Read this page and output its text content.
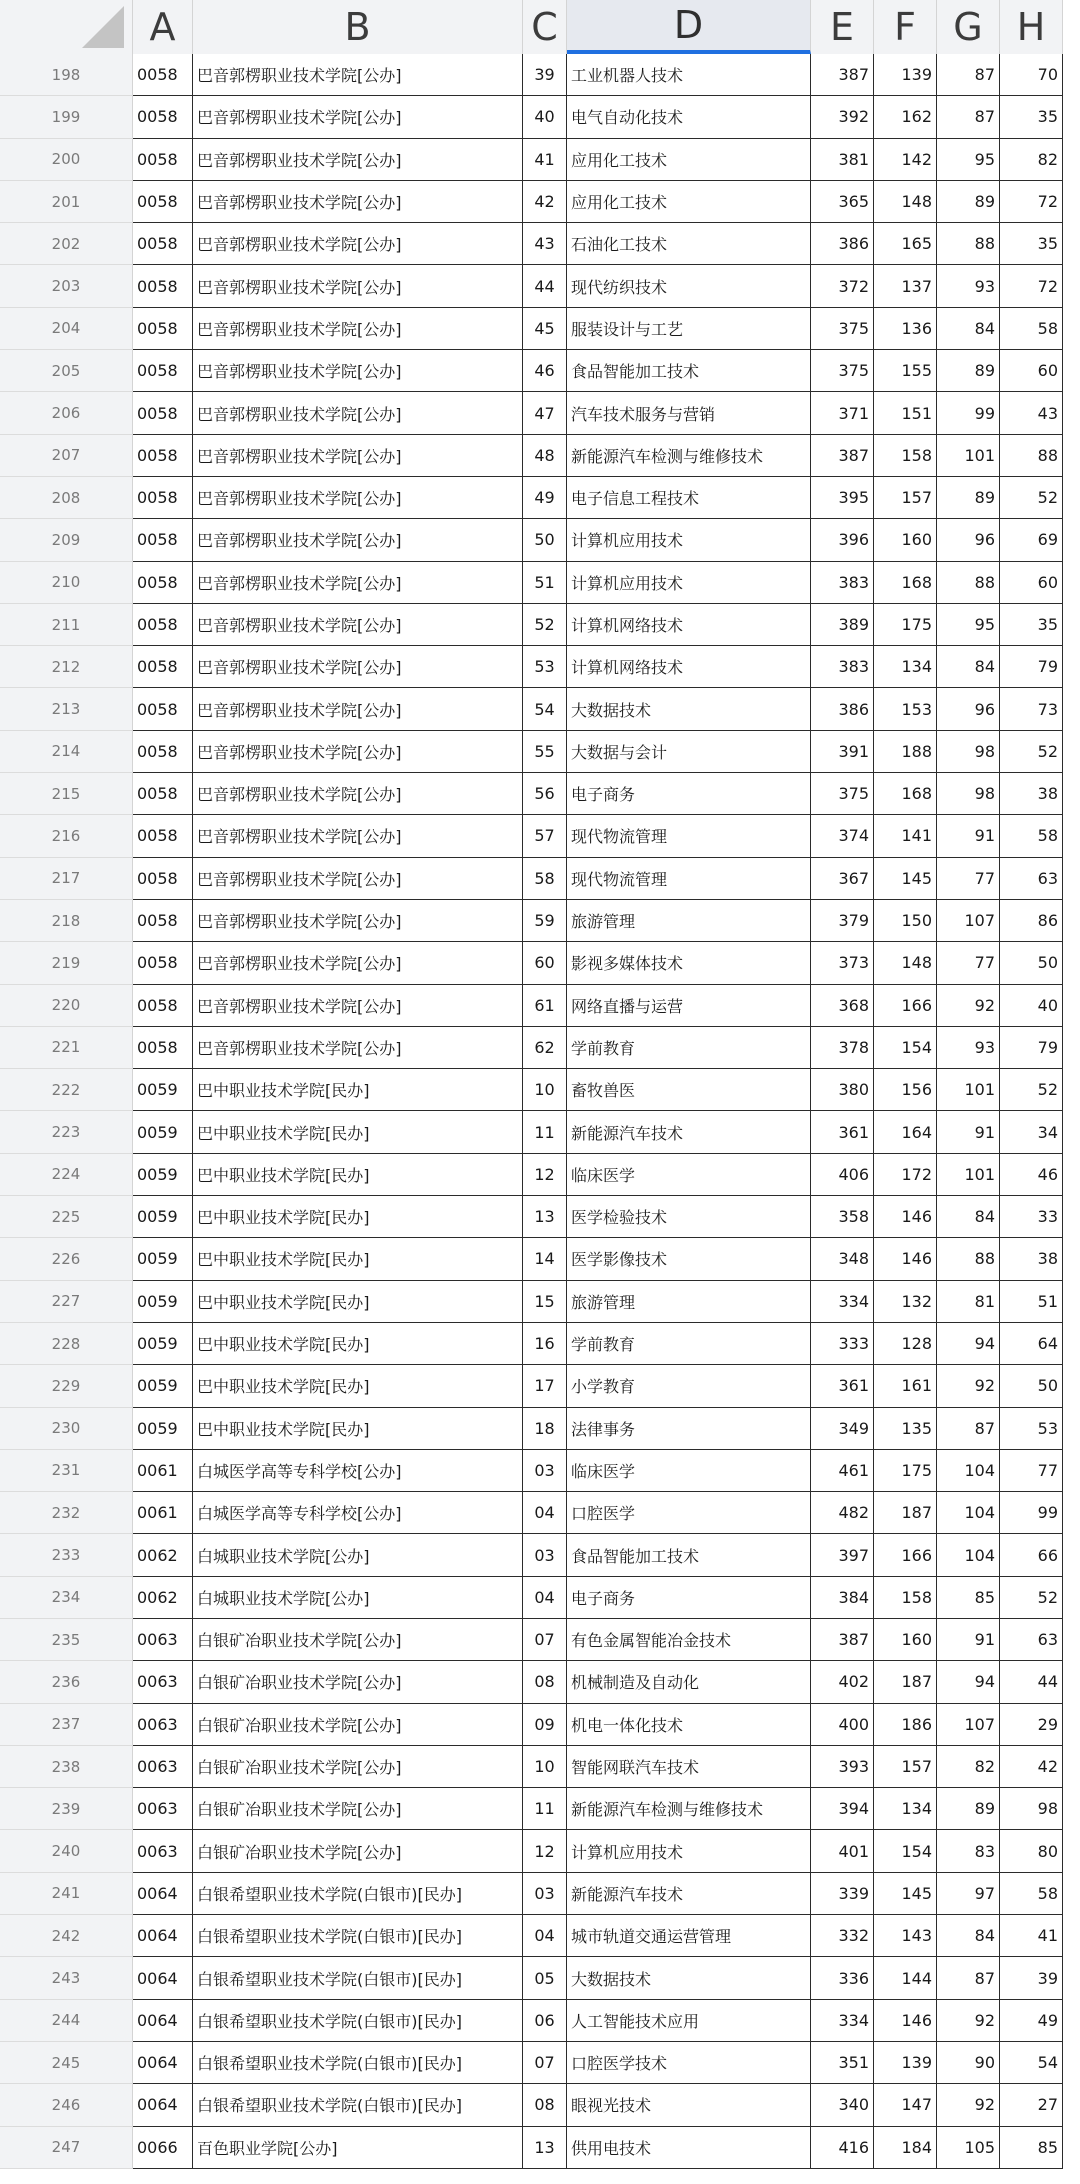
A	B	C	D	E	F G H
198	0058	巴音郭楞职业技术学院[公办]	39	工业机器人技术	387	139	87	70
199	0058	巴音郭楞职业技术学院[公办]	40	电气自动化技术	392	162	87	35
200	0058	巴音郭楞职业技术学院[公办]	41	应用化工技术	381	142	95	82
201	0058	巴音郭楞职业技术学院[公办]	42	应用化工技术	365	148	89	72
202	0058	巴音郭楞职业技术学院[公办]	43	石油化工技术	386	165	88	35
203	0058	巴音郭楞职业技术学院[公办]	44	现代纺织技术	372	137	93	72
204	0058	巴音郭楞职业技术学院[公办]	45	服装设计与工艺	375	136	84	58
205	0058	巴音郭楞职业技术学院[公办]	46	食品智能加工技术	375	155	89	60
206	0058	巴音郭楞职业技术学院[公办]	47	汽车技术服务与营销	371	151	99	43
207	0058	巴音郭楞职业技术学院[公办]	48	新能源汽车检测与维修技术	387	158	101	88
208	0058	巴音郭楞职业技术学院[公办]	49	电子信息工程技术	395	157	89	52
209	0058	巴音郭楞职业技术学院[公办]	50	计算机应用技术	396	160	96	69
210	0058	巴音郭楞职业技术学院[公办]	51	计算机应用技术	383	168	88	60
211	0058	巴音郭楞职业技术学院[公办]	52	计算机网络技术	389	175	95	35
212	0058	巴音郭楞职业技术学院[公办]	53	计算机网络技术	383	134	84	79
213	0058	巴音郭楞职业技术学院[公办]	54	大数据技术	386	153	96	73
214	0058	巴音郭楞职业技术学院[公办]	55	大数据与会计	391	188	98	52
215	0058	巴音郭楞职业技术学院[公办]	56	电子商务	375	168	98	38
216	0058	巴音郭楞职业技术学院[公办]	57	现代物流管理	374	141	91	58
217	0058	巴音郭楞职业技术学院[公办]	58	现代物流管理	367	145	77	63
218	0058	巴音郭楞职业技术学院[公办]	59	旅游管理	379	150	107	86
219	0058	巴音郭楞职业技术学院[公办]	60	影视多媒体技术	373	148	77	50
220	0058	巴音郭楞职业技术学院[公办]	61	网络直播与运营	368	166	92	40
221	0058	巴音郭楞职业技术学院[公办]	62	学前教育	378	154	93	79
222	0059	巴中职业技术学院[民办]	10	畜牧兽医	380	156	101	52
223	0059	巴中职业技术学院[民办]	11	新能源汽车技术	361	164	91	34
224	0059	巴中职业技术学院[民办]	12	临床医学	406	172	101	46
225	0059	巴中职业技术学院[民办]	13	医学检验技术	358	146	84	33
226	0059	巴中职业技术学院[民办]	14	医学影像技术	348	146	88	38
227	0059	巴中职业技术学院[民办]	15	旅游管理	334	132	81	51
228	0059	巴中职业技术学院[民办]	16	学前教育	333	128	94	64
229	0059	巴中职业技术学院[民办]	17	小学教育	361	161	92	50
230	0059	巴中职业技术学院[民办]	18	法律事务	349	135	87	53
231	0061	白城医学高等专科学校[公办]	03	临床医学	461	175	104	77
232	0061	白城医学高等专科学校[公办]	04	口腔医学	482	187	104	99
233	0062	白城职业技术学院[公办]	03	食品智能加工技术	397	166	104	66
234	0062	白城职业技术学院[公办]	04	电子商务	384	158	85	52
235	0063	白银矿冶职业技术学院[公办]	07	有色金属智能冶金技术	387	160	91	63
236	0063	白银矿冶职业技术学院[公办]	08	机械制造及自动化	402	187	94	44
237	0063	白银矿冶职业技术学院[公办]	09	机电一体化技术	400	186	107	29
238	0063	白银矿冶职业技术学院[公办]	10	智能网联汽车技术	393	157	82	42
239	0063	白银矿冶职业技术学院[公办]	11	新能源汽车检测与维修技术	394	134	89	98
240	0063	白银矿冶职业技术学院[公办]	12	计算机应用技术	401	154	83	80
241	0064	白银希望职业技术学院(白银市)[民办]	03	新能源汽车技术	339	145	97	58
242	0064	白银希望职业技术学院(白银市)[民办]	04	城市轨道交通运营管理	332	143	84	41
243	0064	白银希望职业技术学院(白银市)[民办]	05	大数据技术	336	144	87	39
244	0064	白银希望职业技术学院(白银市)[民办]	06	人工智能技术应用	334	146	92	49
245	0064	白银希望职业技术学院(白银市)[民办]	07	口腔医学技术	351	139	90	54
246	0064	白银希望职业技术学院(白银市)[民办]	08	眼视光技术	340	147	92	27
247	0066	百色职业学院[公办]	13	供用电技术	416	184	105	85
